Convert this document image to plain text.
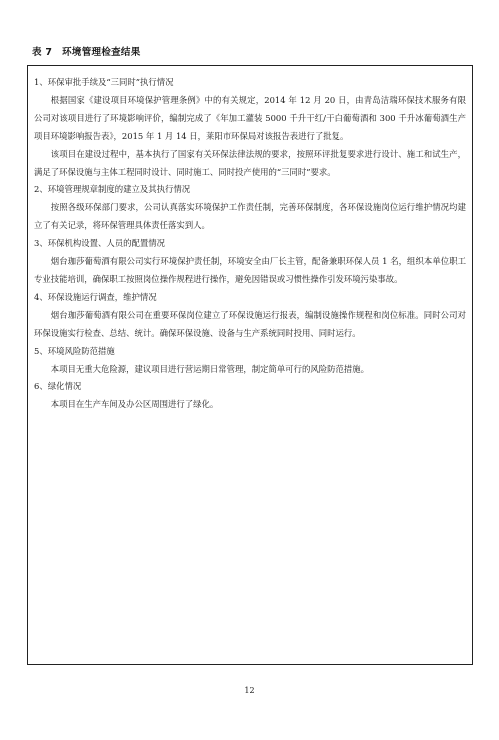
表 7　环境管理检查结果

1、环保审批手续及“三同时”执行情况

根据国家《建设项目环境保护管理条例》中的有关规定，2014 年 12 月 20 日，由青岛洁瑞环保技术服务有限公司对该项目进行了环境影响评价，编制完成了《年加工灌装 5000 千升干红/干白葡萄酒和 300 千升冰葡萄酒生产项目环境影响报告表》，2015 年 1 月 14 日，莱阳市环保局对该报告表进行了批复。

该项目在建设过程中，基本执行了国家有关环保法律法规的要求，按照环评批复要求进行设计、施工和试生产，满足了环保设施与主体工程同时设计、同时施工、同时投产使用的“三同时”要求。

2、环境管理规章制度的建立及其执行情况

按照各级环保部门要求，公司认真落实环境保护工作责任制，完善环保制度，各环保设施岗位运行维护情况均建立了有关记录，将环保管理具体责任落实到人。

3、环保机构设置、人员的配置情况

烟台珈莎葡萄酒有限公司实行环境保护责任制，环境安全由厂长主管，配备兼职环保人员 1 名，组织本单位职工专业技能培训，确保职工按照岗位操作规程进行操作，避免因错误或习惯性操作引发环境污染事故。

4、环保设施运行调查，维护情况

烟台珈莎葡萄酒有限公司在重要环保岗位建立了环保设施运行报表，编制设施操作规程和岗位标准。同时公司对环保设施实行检查、总结、统计。确保环保设施、设备与生产系统同时投用、同时运行。

5、环境风险防范措施

本项目无重大危险源，建议项目进行营运期日常管理，制定简单可行的风险防范措施。

6、绿化情况

本项目在生产车间及办公区周围进行了绿化。

12
